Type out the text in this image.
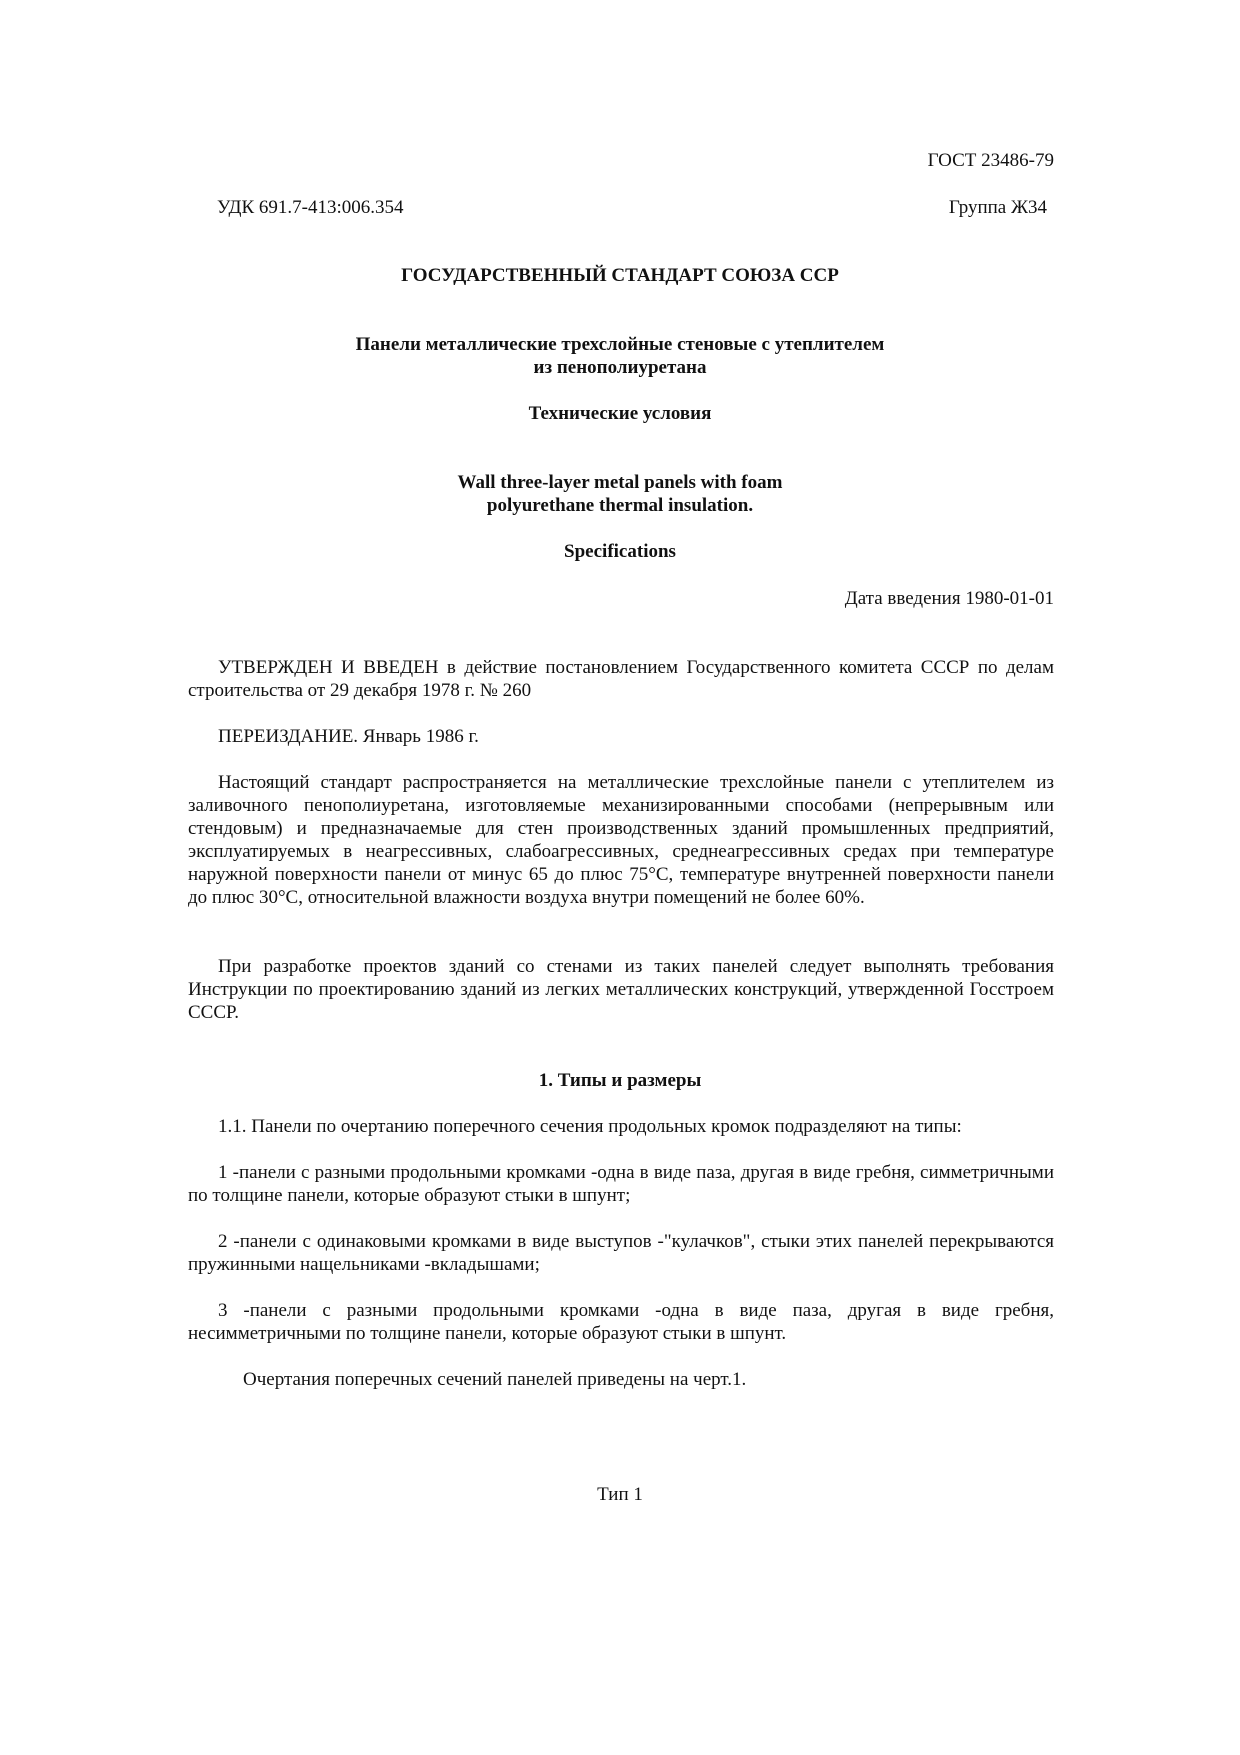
ГОСТ 23486-79

УДК 691.7-413:006.354	Группа Ж34

ГОСУДАРСТВЕННЫЙ СТАНДАРТ СОЮЗА ССР

Панели металлические трехслойные стеновые с утеплителем
из пенополиуретана

Технические условия

Wall three-layer metal panels with foam
polyurethane thermal insulation.

Specifications

Дата введения 1980-01-01

УТВЕРЖДЕН И ВВЕДЕН в действие постановлением Государственного комитета СССР по делам строительства от 29 декабря 1978 г. № 260

ПЕРЕИЗДАНИЕ. Январь 1986 г.

Настоящий стандарт распространяется на металлические трехслойные панели с утеплителем из заливочного пенополиуретана, изготовляемые механизированными способами (непрерывным или стендовым) и предназначаемые для стен производственных зданий промышленных предприятий, эксплуатируемых в неагрессивных, слабоагрессивных, среднеагрессивных средах при температуре наружной поверхности панели от минус 65 до плюс 75°С, температуре внутренней поверхности панели до плюс 30°С, относительной влажности воздуха внутри помещений не более 60%.

При разработке проектов зданий со стенами из таких панелей следует выполнять требования Инструкции по проектированию зданий из легких металлических конструкций, утвержденной Госстроем СССР.

1. Типы и размеры

1.1. Панели по очертанию поперечного сечения продольных кромок подразделяют на типы:

1 -панели с разными продольными кромками -одна в виде паза, другая в виде гребня, симметричными по толщине панели, которые образуют стыки в шпунт;

2 -панели с одинаковыми кромками в виде выступов -"кулачков", стыки этих панелей перекрываются пружинными нащельниками -вкладышами;

3 -панели с разными продольными кромками -одна в виде паза, другая в виде гребня, несимметричными по толщине панели, которые образуют стыки в шпунт.

Очертания поперечных сечений панелей приведены на черт.1.

Тип 1
